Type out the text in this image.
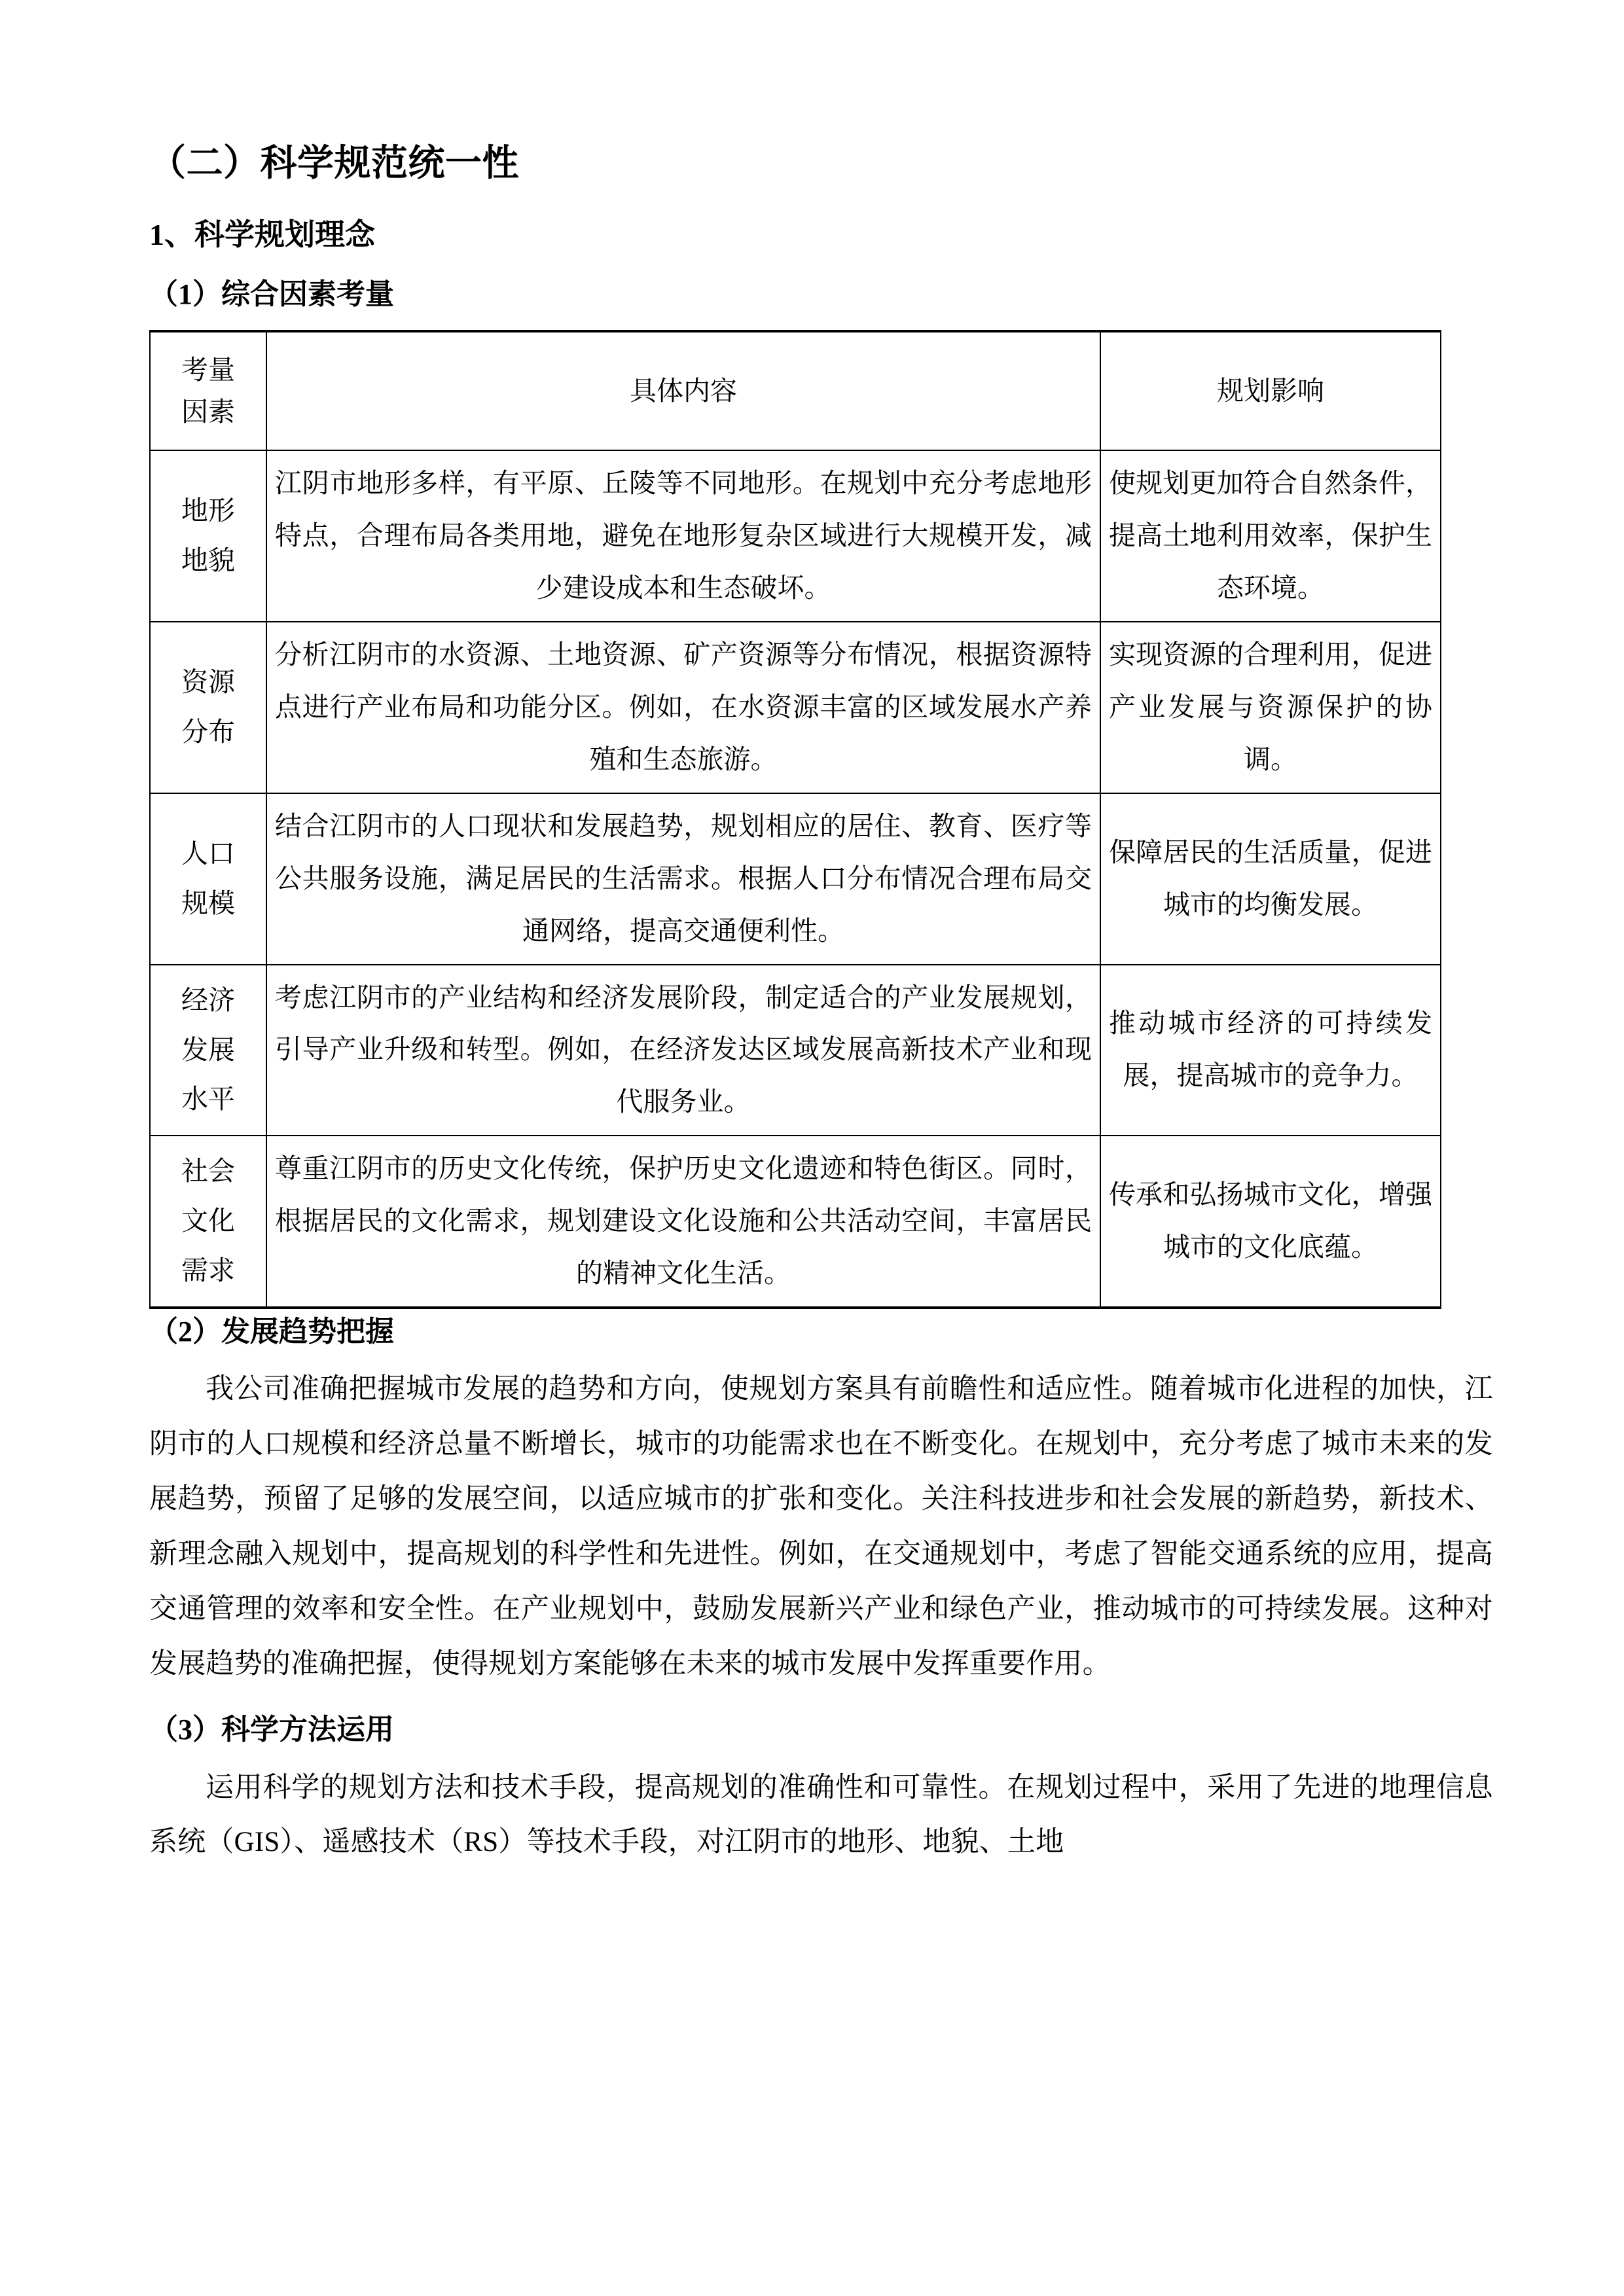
（二）科学规范统一性
1、科学规划理念
（1）综合因素考量
考量
因素	具体内容	规划影响

地形
地貌	江阴市地形多样，有平原、丘陵等不同地形。在规划中充分考虑地形特点，合理布局各类用地，避免在地形复杂区域进行大规模开发，减少建设成本和生态破坏。	使规划更加符合自然条件，提高土地利用效率，保护生态环境。

资源
分布	分析江阴市的水资源、土地资源、矿产资源等分布情况，根据资源特点进行产业布局和功能分区。例如，在水资源丰富的区域发展水产养殖和生态旅游。	实现资源的合理利用，促进产业发展与资源保护的协调。

人口
规模	结合江阴市的人口现状和发展趋势，规划相应的居住、教育、医疗等公共服务设施，满足居民的生活需求。根据人口分布情况合理布局交通网络，提高交通便利性。	保障居民的生活质量，促进城市的均衡发展。

经济
发展
水平	考虑江阴市的产业结构和经济发展阶段，制定适合的产业发展规划，引导产业升级和转型。例如，在经济发达区域发展高新技术产业和现代服务业。	推动城市经济的可持续发展，提高城市的竞争力。

社会
文化
需求	尊重江阴市的历史文化传统，保护历史文化遗迹和特色街区。同时，根据居民的文化需求，规划建设文化设施和公共活动空间，丰富居民的精神文化生活。	传承和弘扬城市文化，增强城市的文化底蕴。
（2）发展趋势把握

我公司准确把握城市发展的趋势和方向，使规划方案具有前瞻性和适应性。随着城市化进程的加快，江阴市的人口规模和经济总量不断增长，城市的功能需求也在不断变化。在规划中，充分考虑了城市未来的发展趋势，预留了足够的发展空间，以适应城市的扩张和变化。关注科技进步和社会发展的新趋势，新技术、新理念融入规划中，提高规划的科学性和先进性。例如，在交通规划中，考虑了智能交通系统的应用，提高交通管理的效率和安全性。在产业规划中，鼓励发展新兴产业和绿色产业，推动城市的可持续发展。这种对发展趋势的准确把握，使得规划方案能够在未来的城市发展中发挥重要作用。

（3）科学方法运用

运用科学的规划方法和技术手段，提高规划的准确性和可靠性。在规划过程中，采用了先进的地理信息系统（GIS）、遥感技术（RS）等技术手段，对江阴市的地形、地貌、土地
